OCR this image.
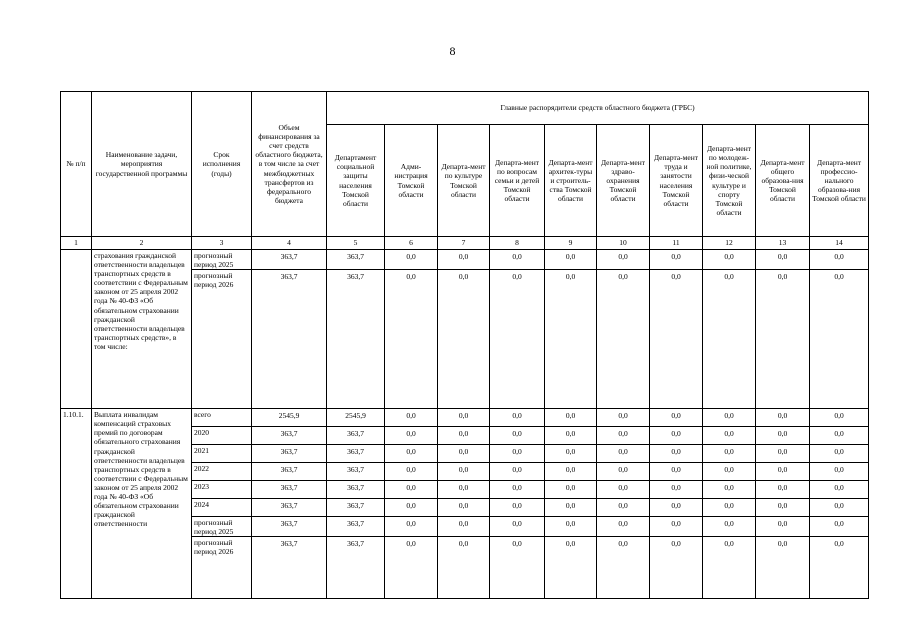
8
№ п/п	Наименование задачи, мероприятия государственной программы	Срок исполнения (годы)	Объем финансирования за счет средств областного бюджета, в том числе за счет межбюджетных трансфертов из федерального бюджета	Главные распорядители средств областного бюджета (ГРБС)									
				Департамент социальной защиты населения Томской области	Адми-нистрация Томской области	Департа-мент по культуре Томской области	Департа-мент по вопросам семьи и детей Томской области	Департа-мент архитек-туры и строитель-ства Томской области	Департа-мент здраво-охранения Томской области	Департа-мент труда и занятости населения Томской области	Департа-мент по молодеж-ной политике, физи-ческой культуре и спорту Томской области	Департа-мент общего образова-ния Томской области	Департа-мент профессио-нального образова-ния Томской области
1	2	3	4	5	6	7	8	9	10	11	12	13	14
	страхования гражданской ответственности владельцев транспортных средств в соответствии с Федеральным законом от 25 апреля 2002 года № 40-ФЗ «Об обязательном страховании гражданской ответственности владельцев транспортных средств», в том числе:	прогнозный период 2025	363,7	363,7	0,0	0,0	0,0	0,0	0,0	0,0	0,0	0,0	0,0
		прогнозный период 2026	363,7	363,7	0,0	0,0	0,0	0,0	0,0	0,0	0,0	0,0	0,0
1.10.1.	Выплата инвалидам компенсаций страховых премий по договорам обязательного страхования гражданской ответственности владельцев транспортных средств в соответствии с Федеральным законом от 25 апреля 2002 года № 40-ФЗ «Об обязательном страховании гражданской ответственности	всего	2545,9	2545,9	0,0	0,0	0,0	0,0	0,0	0,0	0,0	0,0	0,0
		2020	363,7	363,7	0,0	0,0	0,0	0,0	0,0	0,0	0,0	0,0	0,0
		2021	363,7	363,7	0,0	0,0	0,0	0,0	0,0	0,0	0,0	0,0	0,0
		2022	363,7	363,7	0,0	0,0	0,0	0,0	0,0	0,0	0,0	0,0	0,0
		2023	363,7	363,7	0,0	0,0	0,0	0,0	0,0	0,0	0,0	0,0	0,0
		2024	363,7	363,7	0,0	0,0	0,0	0,0	0,0	0,0	0,0	0,0	0,0
		прогнозный период 2025	363,7	363,7	0,0	0,0	0,0	0,0	0,0	0,0	0,0	0,0	0,0
		прогнозный период 2026	363,7	363,7	0,0	0,0	0,0	0,0	0,0	0,0	0,0	0,0	0,0
